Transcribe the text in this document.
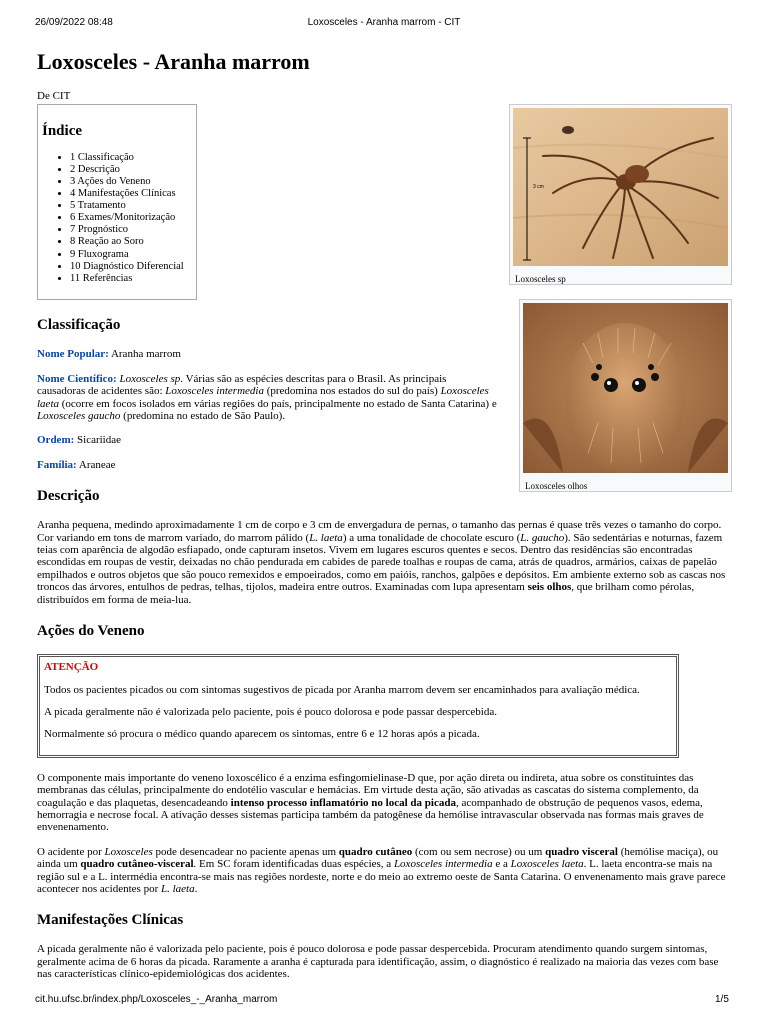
26/09/2022 08:48	Loxosceles - Aranha marrom - CIT
Loxosceles - Aranha marrom
De CIT
Índice
• 1 Classificação
• 2 Descrição
• 3 Ações do Veneno
• 4 Manifestações Clínicas
• 5 Tratamento
• 6 Exames/Monitorização
• 7 Prognóstico
• 8 Reação ao Soro
• 9 Fluxograma
• 10 Diagnóstico Diferencial
• 11 Referências
Classificação

Nome Popular: Aranha marrom

Nome Científico: Loxosceles sp. Várias são as espécies descritas para o Brasil. As principais causadoras de acidentes são: Loxosceles intermedia (predomina nos estados do sul do país) Loxosceles laeta (ocorre em focos isolados em várias regiões do país, principalmente no estado de Santa Catarina) e Loxosceles gaucho (predomina no estado de São Paulo).

Ordem: Sicariidae

Família: Araneae

Descrição

Aranha pequena, medindo aproximadamente 1 cm de corpo e 3 cm de envergadura de pernas, o tamanho das pernas é quase três vezes o tamanho do corpo. Cor variando em tons de marrom variado, do marrom pálido (L. laeta) a uma tonalidade de chocolate escuro (L. gaucho). São sedentárias e noturnas, fazem teias com aparência de algodão esfiapado, onde capturam insetos. Vivem em lugares escuros quentes e secos. Dentro das residências são encontradas escondidas em roupas de vestir, deixadas no chão pendurada em cabides de parede toalhas e roupas de cama, atrás de quadros, armários, caixas de papelão empilhados e outros objetos que são pouco remexidos e empoeirados, como em paióis, ranchos, galpões e depósitos. Em ambiente externo sob as cascas nos troncos das árvores, entulhos de pedras, telhas, tijolos, madeira entre outros. Examinadas com lupa apresentam seis olhos, que brilham como pérolas, distribuídos em forma de meia-lua.

Ações do Veneno
ATENÇÃO

Todos os pacientes picados ou com sintomas sugestivos de picada por Aranha marrom devem ser encaminhados para avaliação médica.

A picada geralmente não é valorizada pelo paciente, pois é pouco dolorosa e pode passar despercebida.

Normalmente só procura o médico quando aparecem os sintomas, entre 6 e 12 horas após a picada.

O componente mais importante do veneno loxoscélico é a enzima esfingomielinase-D que, por ação direta ou indireta, atua sobre os constituintes das membranas das células, principalmente do endotélio vascular e hemácias. Em virtude desta ação, são ativadas as cascatas do sistema complemento, da coagulação e das plaquetas, desencadeando intenso processo inflamatório no local da picada, acompanhado de obstrução de pequenos vasos, edema, hemorragia e necrose focal. A ativação desses sistemas participa também da patogênese da hemólise intravascular observada nas formas mais graves de envenenamento.

O acidente por Loxosceles pode desencadear no paciente apenas um quadro cutâneo (com ou sem necrose) ou um quadro visceral (hemólise maciça), ou ainda um quadro cutâneo-visceral. Em SC foram identificadas duas espécies, a Loxosceles intermedia e a Loxosceles laeta. L. laeta encontra-se mais na região sul e a L. intermédia encontra-se mais nas regiões nordeste, norte e do meio ao extremo oeste de Santa Catarina. O envenenamento mais grave parece acontecer nos acidentes por L. laeta.

Manifestações Clínicas

A picada geralmente não é valorizada pelo paciente, pois é pouco dolorosa e pode passar despercebida. Procuram atendimento quando surgem sintomas, geralmente acima de 6 horas da picada. Raramente a aranha é capturada para identificação, assim, o diagnóstico é realizado na maioria das vezes com base nas características clínico-epidemiológicas dos acidentes.

3 cm
Loxosceles sp
Loxosceles olhos
cit.hu.ufsc.br/index.php/Loxosceles_-_Aranha_marrom	1/5
